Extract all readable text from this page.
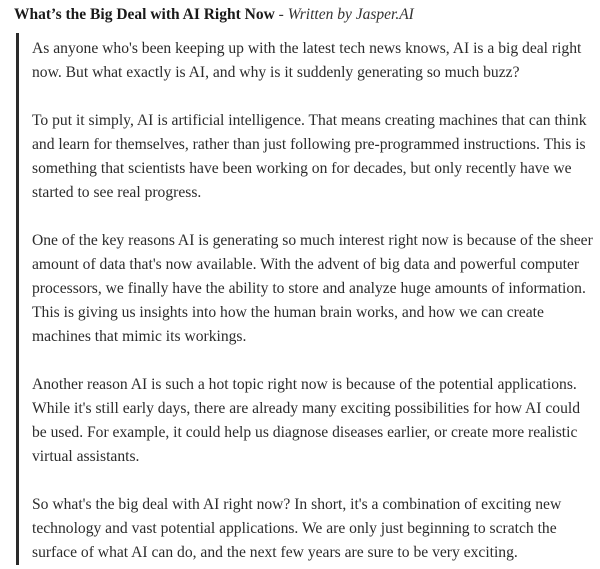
What’s the Big Deal with AI Right Now - Written by Jasper.AI

As anyone who's been keeping up with the latest tech news knows, AI is a big deal right now. But what exactly is AI, and why is it suddenly generating so much buzz?

To put it simply, AI is artificial intelligence. That means creating machines that can think and learn for themselves, rather than just following pre-programmed instructions. This is something that scientists have been working on for decades, but only recently have we started to see real progress.

One of the key reasons AI is generating so much interest right now is because of the sheer amount of data that's now available. With the advent of big data and powerful computer processors, we finally have the ability to store and analyze huge amounts of information. This is giving us insights into how the human brain works, and how we can create machines that mimic its workings.

Another reason AI is such a hot topic right now is because of the potential applications. While it's still early days, there are already many exciting possibilities for how AI could be used. For example, it could help us diagnose diseases earlier, or create more realistic virtual assistants.

So what's the big deal with AI right now? In short, it's a combination of exciting new technology and vast potential applications. We are only just beginning to scratch the surface of what AI can do, and the next few years are sure to be very exciting.
